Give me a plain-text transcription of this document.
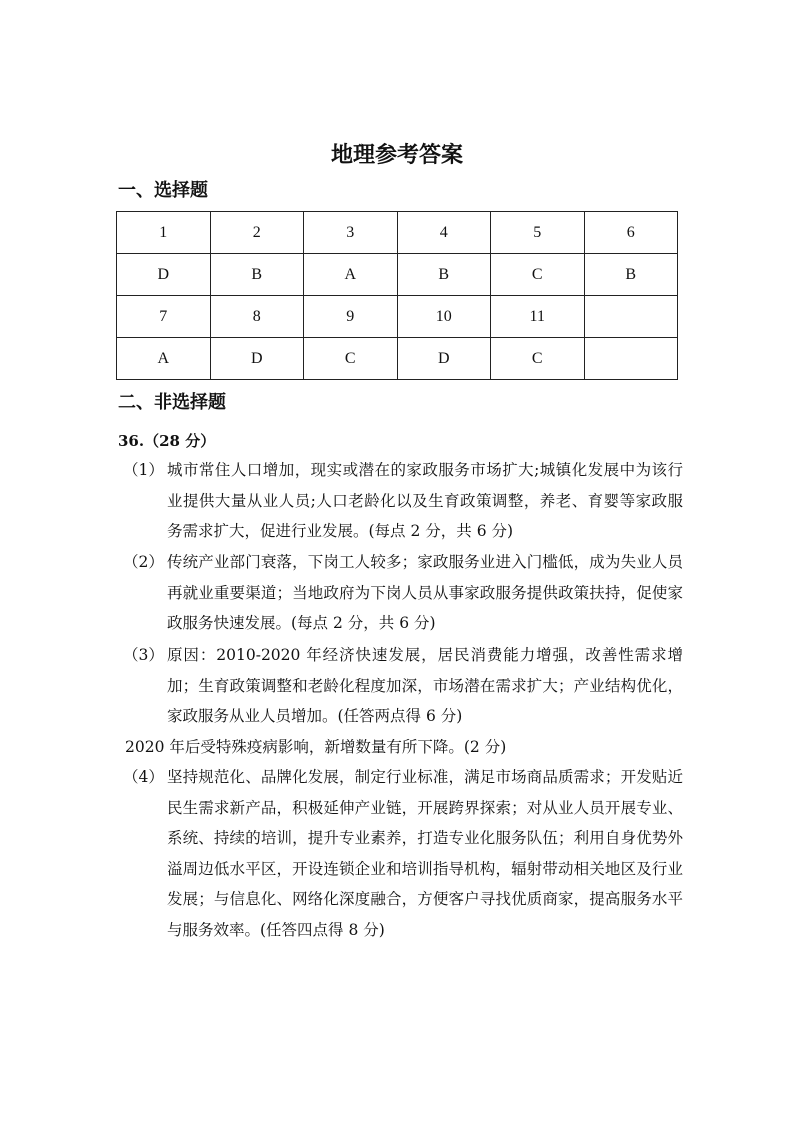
地理参考答案
一、选择题
1	2	3	4	5	6
D	B	A	B	C	B
7	8	9	10	11	
A	D	C	D	C	
二、非选择题
36.（28 分）
（1） 城市常住人口增加，现实或潜在的家政服务市场扩大;城镇化发展中为该行业提供大量从业人员;人口老龄化以及生育政策调整，养老、育婴等家政服务需求扩大，促进行业发展。(每点 2 分，共 6 分)
（2） 传统产业部门衰落，下岗工人较多；家政服务业进入门槛低，成为失业人员再就业重要渠道；当地政府为下岗人员从事家政服务提供政策扶持，促使家政服务快速发展。(每点 2 分，共 6 分)
（3） 原因：2010-2020 年经济快速发展，居民消费能力增强，改善性需求增加；生育政策调整和老龄化程度加深，市场潜在需求扩大；产业结构优化，家政服务从业人员增加。(任答两点得 6 分)
2020 年后受特殊疫病影响，新增数量有所下降。(2 分)
（4） 坚持规范化、品牌化发展，制定行业标准，满足市场商品质需求；开发贴近民生需求新产品，积极延伸产业链，开展跨界探索；对从业人员开展专业、系统、持续的培训，提升专业素养，打造专业化服务队伍；利用自身优势外溢周边低水平区，开设连锁企业和培训指导机构，辐射带动相关地区及行业发展；与信息化、网络化深度融合，方便客户寻找优质商家，提高服务水平与服务效率。(任答四点得 8 分)
